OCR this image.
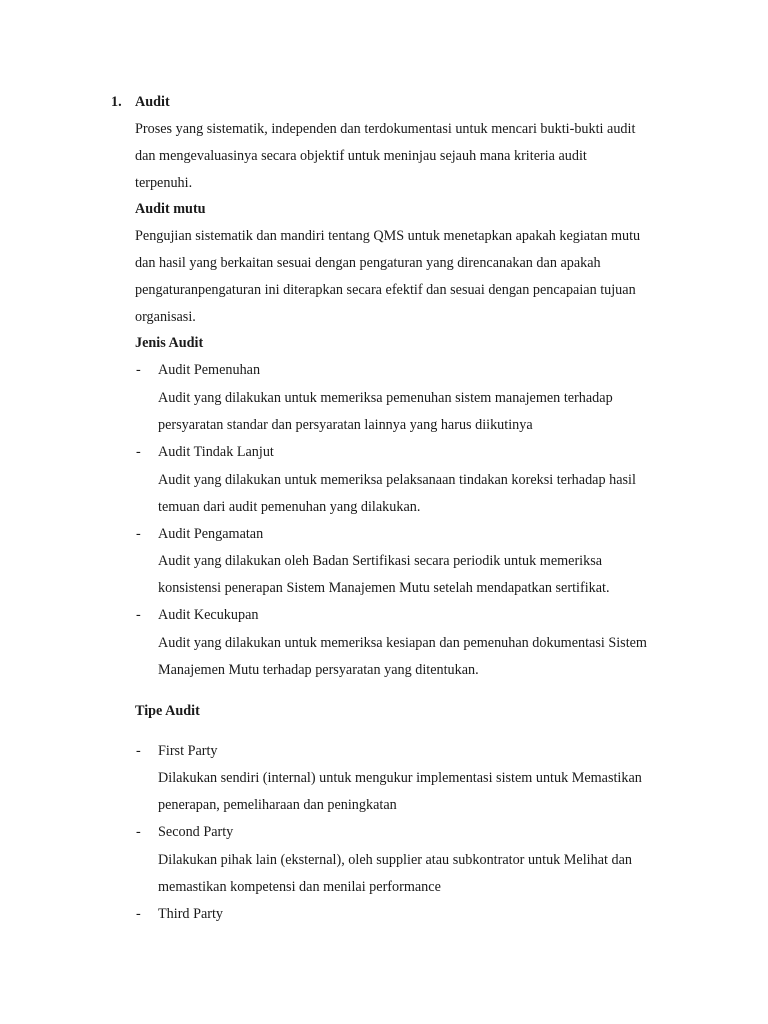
1. Audit
Proses yang sistematik, independen dan terdokumentasi untuk mencari bukti-bukti audit
dan mengevaluasinya secara objektif untuk meninjau sejauh mana kriteria audit
terpenuhi.
Audit mutu
Pengujian sistematik dan mandiri tentang QMS untuk menetapkan apakah kegiatan mutu
dan hasil yang berkaitan sesuai dengan pengaturan yang direncanakan dan apakah
pengaturanpengaturan ini diterapkan secara efektif dan sesuai dengan pencapaian tujuan
organisasi.
Jenis Audit
- Audit Pemenuhan
Audit yang dilakukan untuk memeriksa pemenuhan sistem manajemen terhadap
persyaratan standar dan persyaratan lainnya yang harus diikutinya
- Audit Tindak Lanjut
Audit yang dilakukan untuk memeriksa pelaksanaan tindakan koreksi terhadap hasil
temuan dari audit pemenuhan yang dilakukan.
- Audit Pengamatan
Audit yang dilakukan oleh Badan Sertifikasi secara periodik untuk memeriksa
konsistensi penerapan Sistem Manajemen Mutu setelah mendapatkan sertifikat.
- Audit Kecukupan
Audit yang dilakukan untuk memeriksa kesiapan dan pemenuhan dokumentasi Sistem
Manajemen Mutu terhadap persyaratan yang ditentukan.
Tipe Audit
- First Party
Dilakukan sendiri (internal) untuk mengukur implementasi sistem untuk Memastikan
penerapan, pemeliharaan dan peningkatan
- Second Party
Dilakukan pihak lain (eksternal), oleh supplier atau subkontrator untuk Melihat dan
memastikan kompetensi dan menilai performance
- Third Party
